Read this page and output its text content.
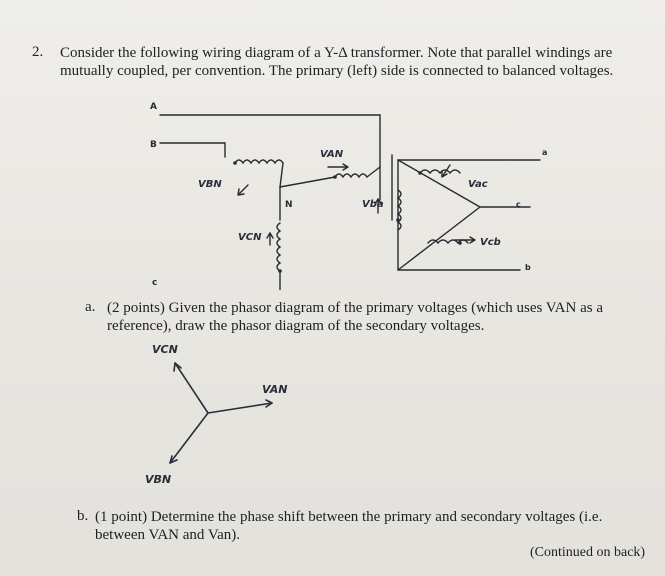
2. Consider the following wiring diagram of a Y-Δ transformer. Note that parallel windings are
mutually coupled, per convention. The primary (left) side is connected to balanced voltages.
A
B
N
VAN
VBN
VCN
Vba
Vac
Vcb
c
b
a
c
a. (2 points) Given the phasor diagram of the primary voltages (which uses VAN as a
reference), draw the phasor diagram of the secondary voltages.
VCN
VAN
VBN
b. (1 point) Determine the phase shift between the primary and secondary voltages (i.e.
between VAN and Van).
(Continued on back)
